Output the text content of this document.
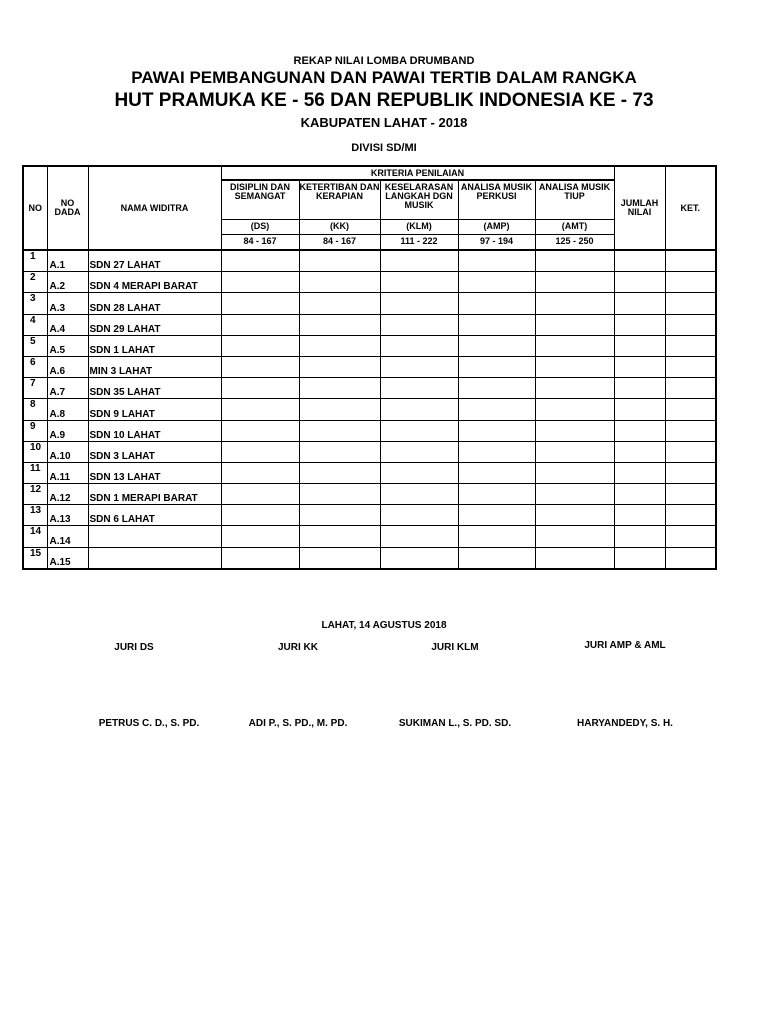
REKAP NILAI LOMBA DRUMBAND
PAWAI PEMBANGUNAN DAN PAWAI TERTIB DALAM RANGKA
HUT PRAMUKA KE - 56 DAN REPUBLIK INDONESIA KE - 73
KABUPATEN LAHAT - 2018
DIVISI SD/MI
NO	NO DADA	NAMA WIDITRA	KRITERIA PENILAIAN					JUMLAH NILAI	KET.
			DISIPLIN DAN SEMANGAT	KETERTIBAN DAN KERAPIAN	KESELARASAN LANGKAH DGN MUSIK	ANALISA MUSIK PERKUSI	ANALISA MUSIK TIUP		
			(DS)	(KK)	(KLM)	(AMP)	(AMT)		
			84 - 167	84 - 167	111 - 222	97 - 194	125 - 250		
1	A.1	SDN 27 LAHAT							
2	A.2	SDN 4 MERAPI BARAT							
3	A.3	SDN 28 LAHAT							
4	A.4	SDN 29 LAHAT							
5	A.5	SDN 1 LAHAT							
6	A.6	MIN 3 LAHAT							
7	A.7	SDN 35 LAHAT							
8	A.8	SDN 9 LAHAT							
9	A.9	SDN 10 LAHAT							
10	A.10	SDN 3 LAHAT							
11	A.11	SDN 13 LAHAT							
12	A.12	SDN 1 MERAPI BARAT							
13	A.13	SDN 6 LAHAT							
14	A.14								
15	A.15								
LAHAT, 14 AGUSTUS 2018
JURI DS	JURI KK	JURI KLM	JURI AMP & AML
PETRUS C. D., S. PD.	ADI P., S. PD., M. PD.	SUKIMAN L., S. PD. SD.	HARYANDEDY, S. H.
